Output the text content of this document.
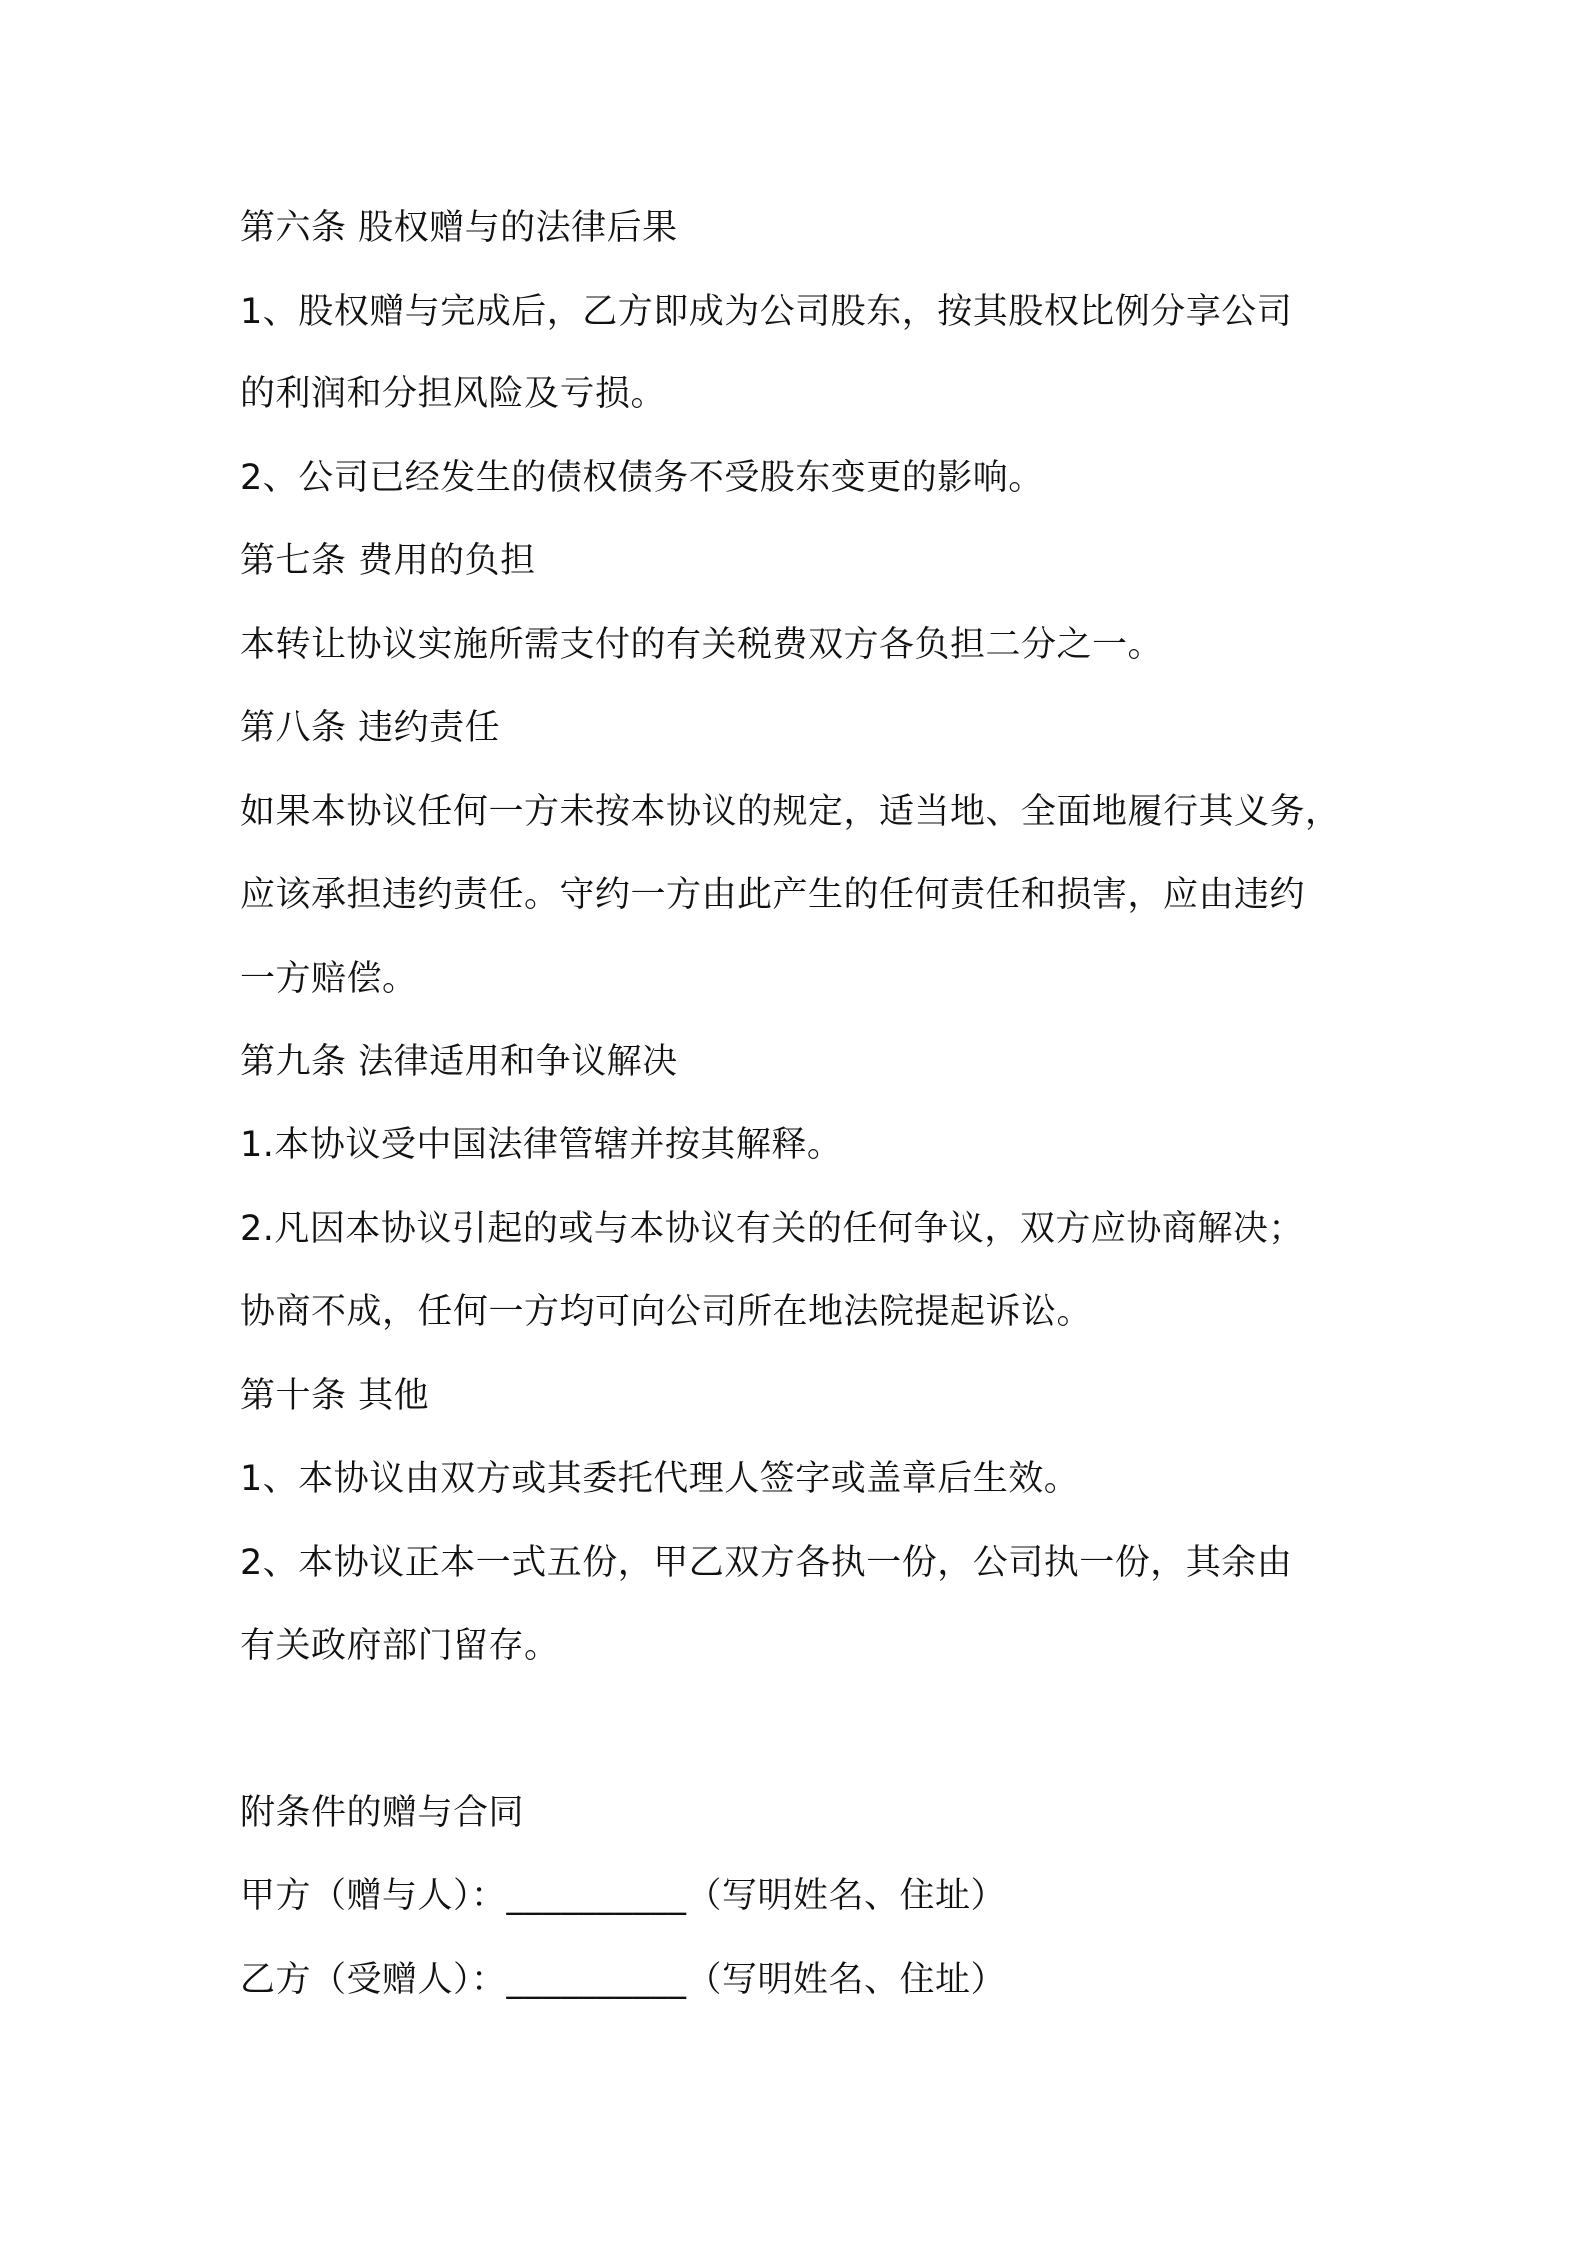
第六条 股权赠与的法律后果
1、股权赠与完成后，乙方即成为公司股东，按其股权比例分享公司
的利润和分担风险及亏损。
2、公司已经发生的债权债务不受股东变更的影响。
第七条 费用的负担
本转让协议实施所需支付的有关税费双方各负担二分之一。
第八条 违约责任
如果本协议任何一方未按本协议的规定，适当地、全面地履行其义务，
应该承担违约责任。守约一方由此产生的任何责任和损害，应由违约
一方赔偿。
第九条 法律适用和争议解决
1.本协议受中国法律管辖并按其解释。
2.凡因本协议引起的或与本协议有关的任何争议，双方应协商解决；
协商不成，任何一方均可向公司所在地法院提起诉讼。
第十条 其他
1、本协议由双方或其委托代理人签字或盖章后生效。
2、本协议正本一式五份，甲乙双方各执一份，公司执一份，其余由
有关政府部门留存。
附条件的赠与合同
甲方（赠与人）：__________（写明姓名、住址）
乙方（受赠人）：__________（写明姓名、住址）
